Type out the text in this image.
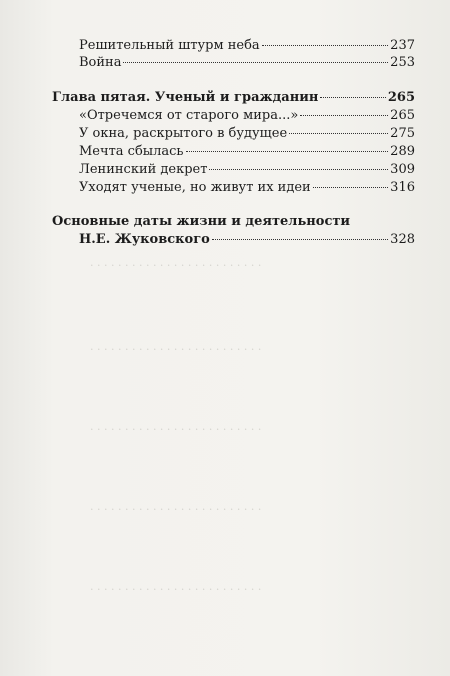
. . . . . . . . . . . . . . . . . . . . . . . . .
. . . . . . . . . . . . . . . . . . . . . . . . .
. . . . . . . . . . . . . . . . . . . . . . . . .
. . . . . . . . . . . . . . . . . . . . . . . . .
. . . . . . . . . . . . . . . . . . . . . . . . .
Решительный штурм неба	237
Война	253
Глава пятая. Ученый и гражданин	265
«Отречемся от старого мира...»	265
У окна, раскрытого в будущее	275
Мечта сбылась	289
Ленинский декрет	309
Уходят ученые, но живут их идеи	316
Основные даты жизни и деятельности
Н.Е. Жуковского	328
